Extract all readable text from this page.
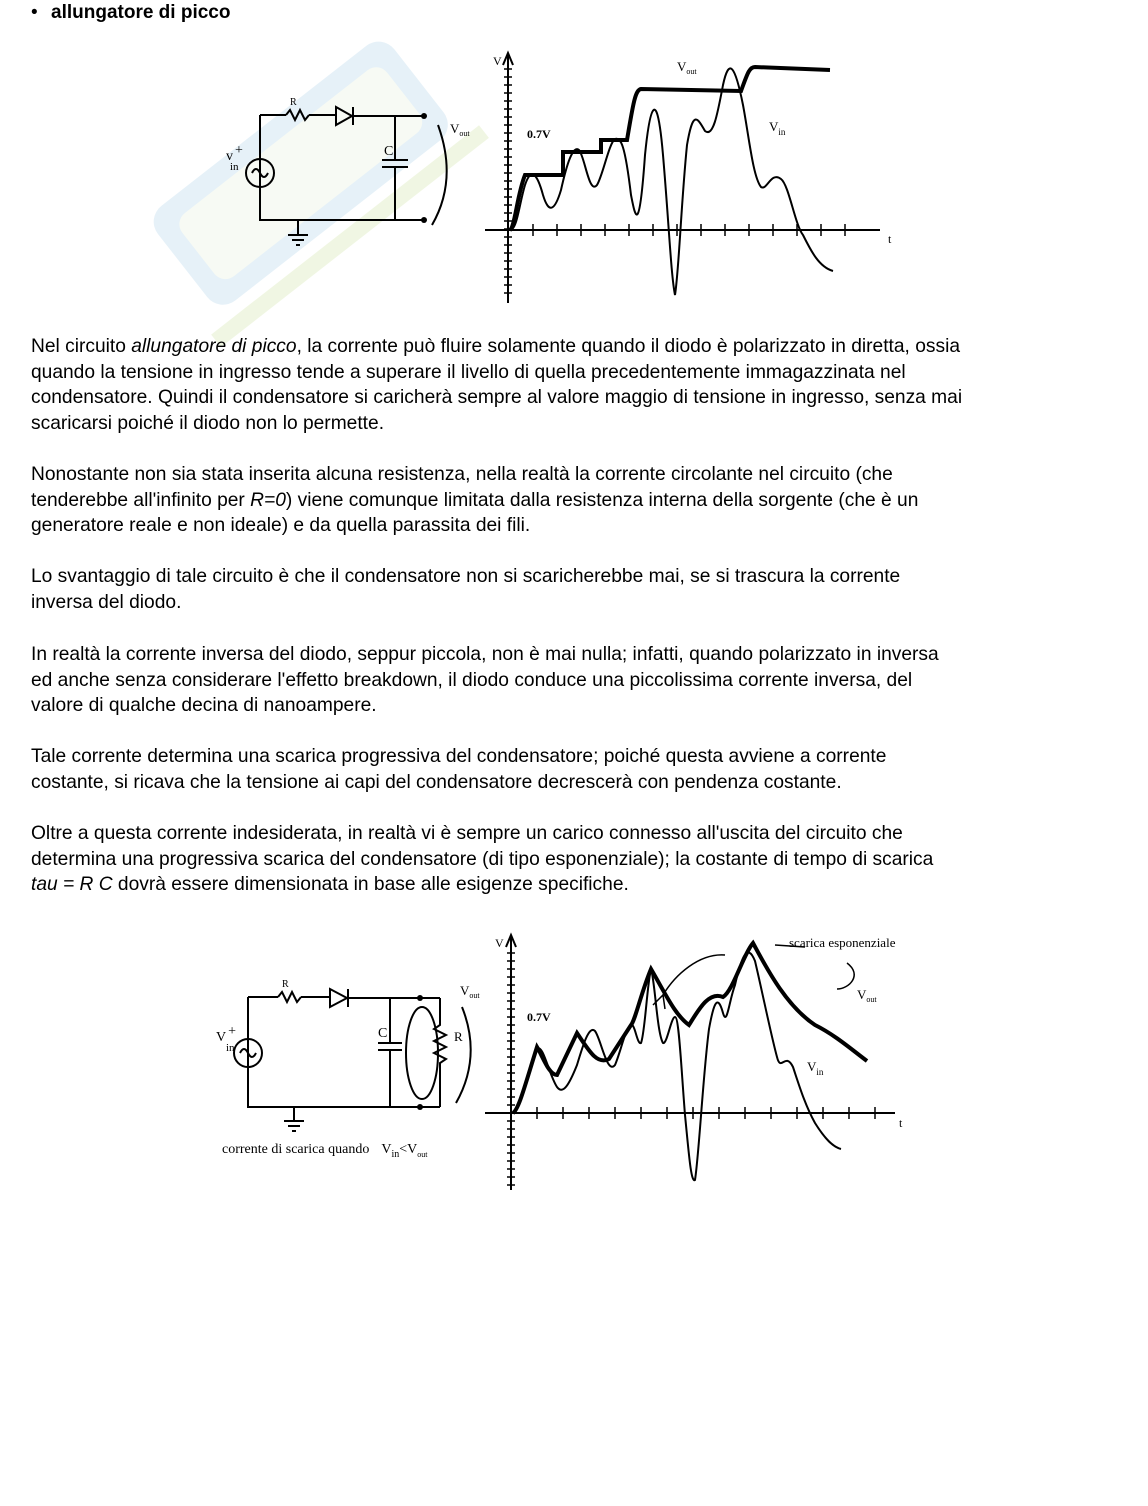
• allungatore di picco
R
C
v + in
$V_{out}$
V
t
0.7V
$V_{out}$
$V_{in}$

Nel circuito allungatore di picco, la corrente può fluire solamente quando il diodo è polarizzato in diretta, ossia
quando la tensione in ingresso tende a superare il livello di quella precedentemente immagazzinata nel
condensatore. Quindi il condensatore si caricherà sempre al valore maggio di tensione in ingresso, senza mai
scaricarsi poiché il diodo non lo permette.

Nonostante non sia stata inserita alcuna resistenza, nella realtà la corrente circolante nel circuito (che
tenderebbe all'infinito per R=0) viene comunque limitata dalla resistenza interna della sorgente (che è un
generatore reale e non ideale) e da quella parassita dei fili.

Lo svantaggio di tale circuito è che il condensatore non si scaricherebbe mai, se si trascura la corrente
inversa del diodo.

In realtà la corrente inversa del diodo, seppur piccola, non è mai nulla; infatti, quando polarizzato in inversa
ed anche senza considerare l'effetto breakdown, il diodo conduce una piccolissima corrente inversa, del
valore di qualche decina di nanoampere.

Tale corrente determina una scarica progressiva del condensatore; poiché questa avviene a corrente
costante, si ricava che la tensione ai capi del condensatore decrescerà con pendenza costante.

Oltre a questa corrente indesiderata, in realtà vi è sempre un carico connesso all'uscita del circuito che
determina una progressiva scarica del condensatore (di tipo esponenziale); la costante di tempo di scarica
tau = R C dovrà essere dimensionata in base alle esigenze specifiche.

R
C	R
V + in
$V_{out}$
corrente di scarica quando $V_{in}<V_{out}$
V
t
0.7V
scarica esponenziale
$V_{out}$
$V_{in}$
